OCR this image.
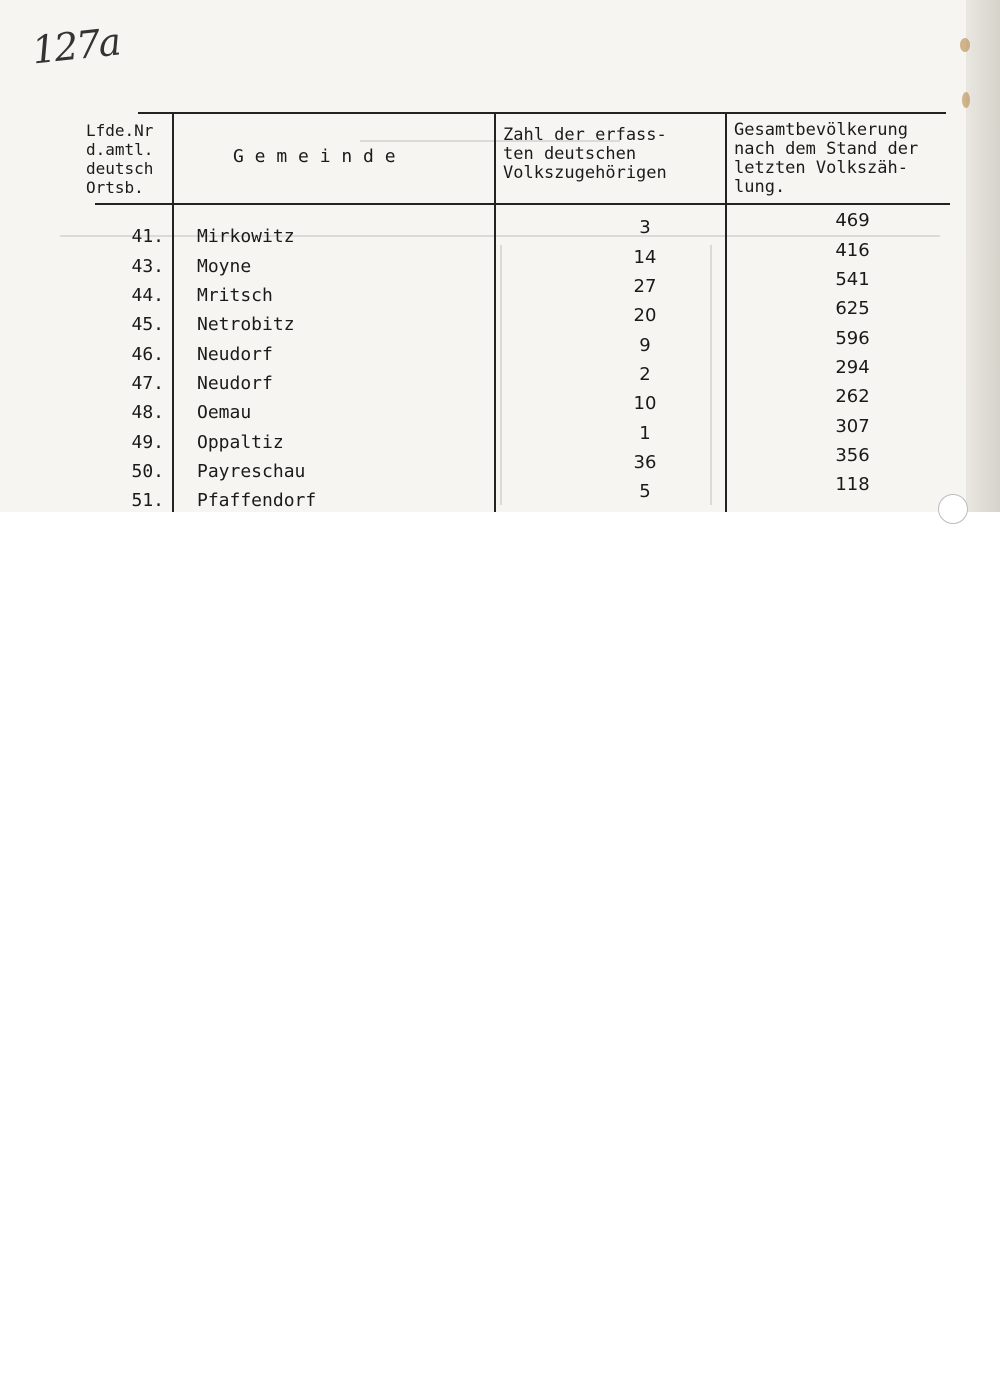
127a
Lfde.Nr
d.amtl.
deutsch
Ortsb.
G e m e i n d e
Zahl der erfass-
ten deutschen
Volkszugehörigen
Gesamtbevölkerung
nach dem Stand der
letzten Volkszäh-
lung.
41. Mirkowitz	3	469
43. Moyne	14	416
44. Mritsch	27	541
45. Netrobitz	20	625
46. Neudorf	9	596
47. Neudorf	2	294
48. Oemau	10	262
49. Oppaltiz	1	307
50. Payreschau	36	356
51. Pfaffendorf	5	118
